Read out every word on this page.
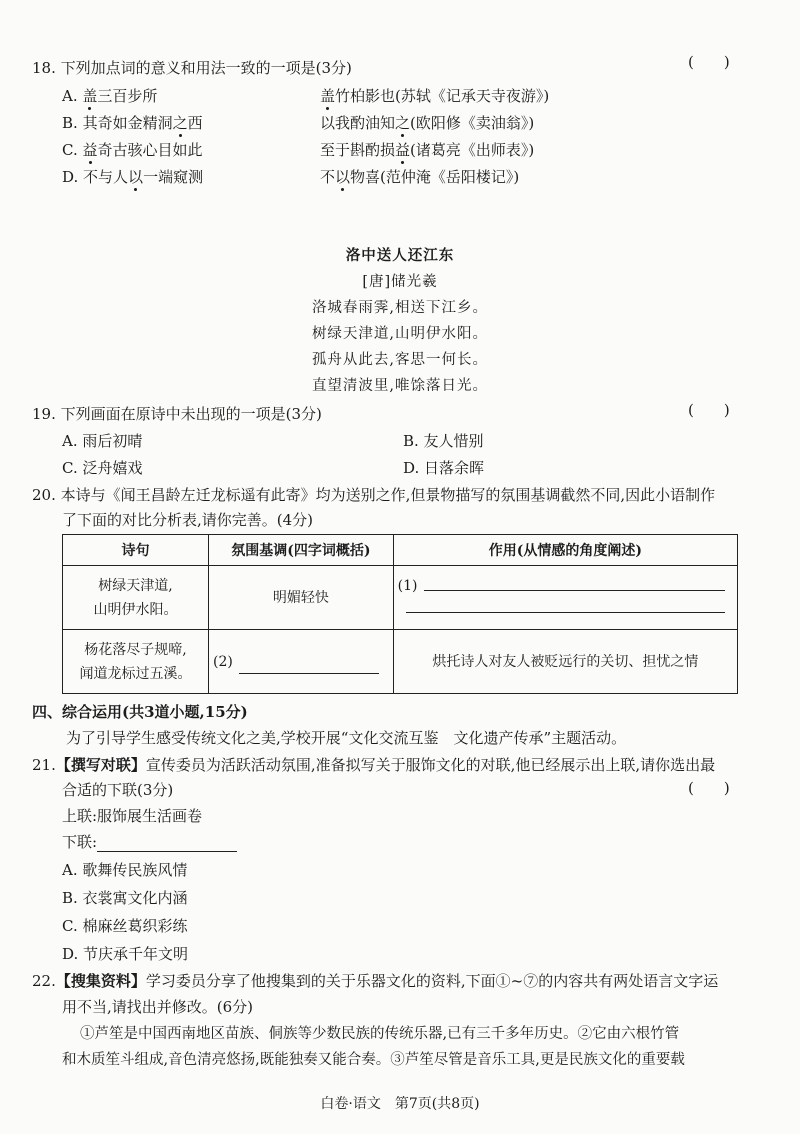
18. 下列加点词的意义和用法一致的一项是(3分)	(　　)
A. 盖三百步所	盖竹柏影也(苏轼《记承天寺夜游》)
B. 其奇如金精洞之西	以我酌油知之(欧阳修《卖油翁》)
C. 益奇古骇心目如此	至于斟酌损益(诸葛亮《出师表》)
D. 不与人以一端窥测	不以物喜(范仲淹《岳阳楼记》)
洛中送人还江东
[唐]储光羲
洛城春雨霁,相送下江乡。
树绿天津道,山明伊水阳。
孤舟从此去,客思一何长。
直望清波里,唯馀落日光。
19. 下列画面在原诗中未出现的一项是(3分)	(　　)
A. 雨后初晴	B. 友人惜别
C. 泛舟嬉戏	D. 日落余晖
20. 本诗与《闻王昌龄左迁龙标遥有此寄》均为送别之作,但景物描写的氛围基调截然不同,因此小语制作
了下面的对比分析表,请你完善。(4分)
诗句	氛围基调(四字词概括)	作用(从情感的角度阐述)

树绿天津道,
山明伊水阳。	明媚轻快	(1)

杨花落尽子规啼,
闻道龙标过五溪。	(2)	烘托诗人对友人被贬远行的关切、担忧之情
四、综合运用(共3道小题,15分)
为了引导学生感受传统文化之美,学校开展“文化交流互鉴　文化遗产传承”主题活动。
21.【撰写对联】宣传委员为活跃活动氛围,准备拟写关于服饰文化的对联,他已经展示出上联,请你选出最
合适的下联(3分)	(　　)
上联:服饰展生活画卷
下联:
A. 歌舞传民族风情
B. 衣裳寓文化内涵
C. 棉麻丝葛织彩练
D. 节庆承千年文明
22.【搜集资料】学习委员分享了他搜集到的关于乐器文化的资料,下面①~⑦的内容共有两处语言文字运
用不当,请找出并修改。(6分)
①芦笙是中国西南地区苗族、侗族等少数民族的传统乐器,已有三千多年历史。②它由六根竹管
和木质笙斗组成,音色清亮悠扬,既能独奏又能合奏。③芦笙尽管是音乐工具,更是民族文化的重要载
白卷·语文　第7页(共8页)
